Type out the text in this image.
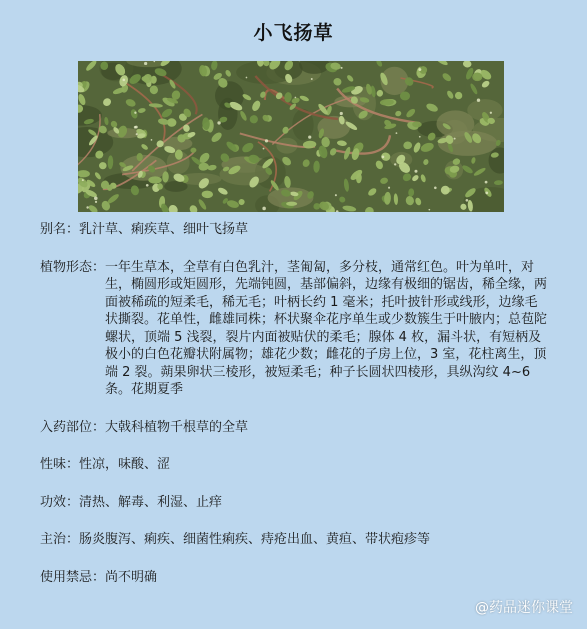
小飞扬草
别名： 乳汁草、痢疾草、细叶飞扬草
植物形态： 一年生草本，全草有白色乳汁，茎匍匐，多分枝，通常红色。叶为单叶，对生，椭圆形或矩圆形，先端钝圆，基部偏斜，边缘有极细的锯齿，稀全缘，两面被稀疏的短柔毛，稀无毛；叶柄长约 1 毫米；托叶披针形或线形，边缘毛状撕裂。花单性，雌雄同株；杯状聚伞花序单生或少数簇生于叶腋内；总苞陀螺状，顶端 5 浅裂，裂片内面被贴伏的柔毛；腺体 4 枚，漏斗状，有短柄及极小的白色花瓣状附属物；雄花少数；雌花的子房上位，3 室，花柱离生，顶端 2 裂。蒴果卵状三棱形，被短柔毛；种子长圆状四棱形，具纵沟纹 4~6 条。花期夏季
入药部位： 大戟科植物千根草的全草
性味： 性凉，味酸、涩
功效： 清热、解毒、利湿、止痒
主治： 肠炎腹泻、痢疾、细菌性痢疾、痔疮出血、黄疸、带状疱疹等
使用禁忌： 尚不明确
@药品迷你课堂
